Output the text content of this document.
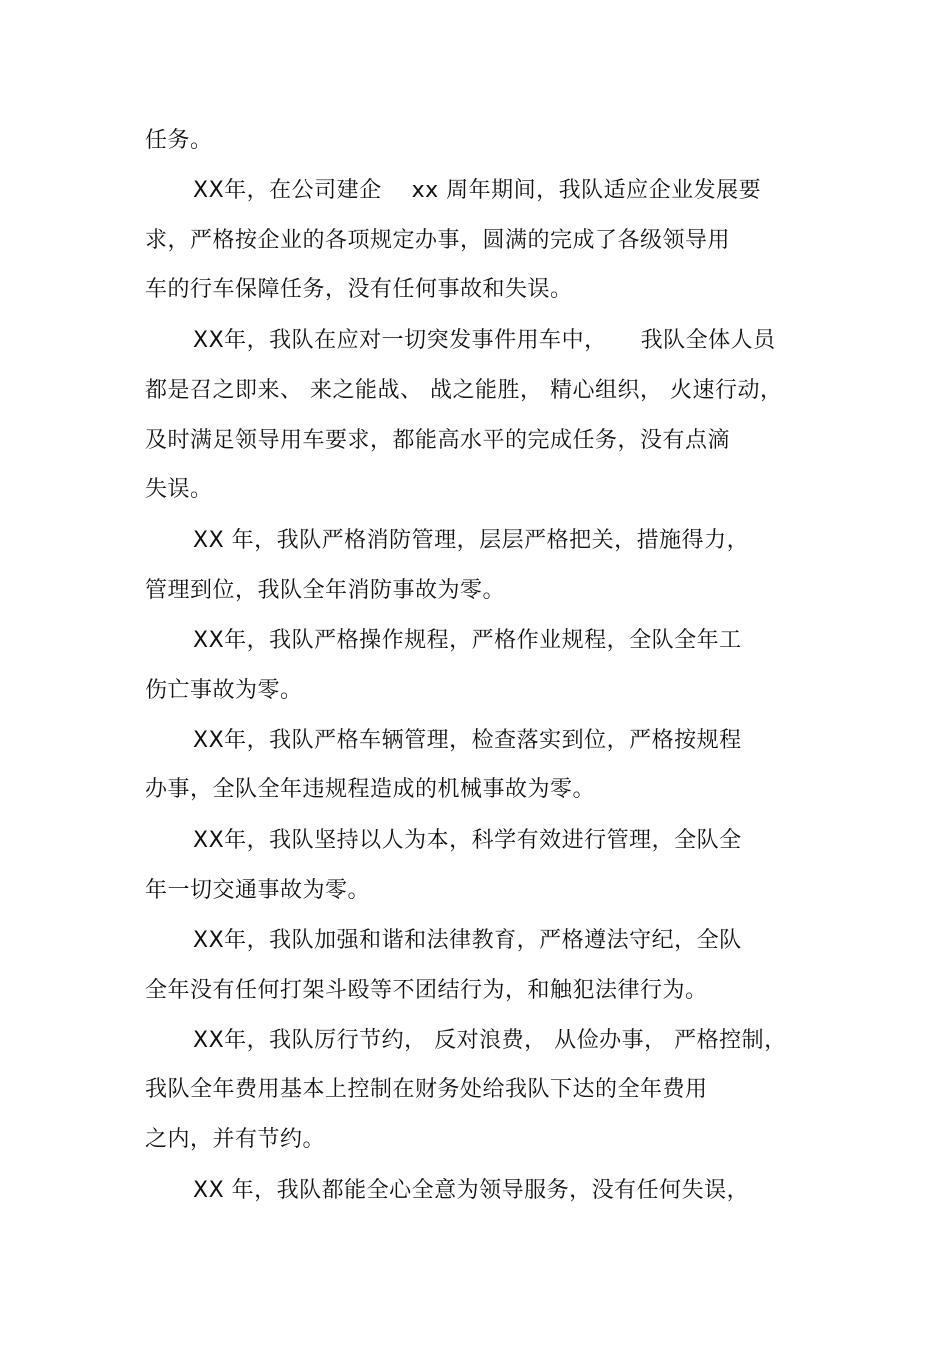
任务。
XX年，在公司建企　 xx 周年期间，我队适应企业发展要
求，严格按企业的各项规定办事，圆满的完成了各级领导用
车的行车保障任务，没有任何事故和失误。
XX年，我队在应对一切突发事件用车中，　　我队全体人员
都是召之即来、 来之能战、 战之能胜， 精心组织， 火速行动，
及时满足领导用车要求，都能高水平的完成任务，没有点滴
失误。
XX 年，我队严格消防管理，层层严格把关，措施得力，
管理到位，我队全年消防事故为零。
XX年，我队严格操作规程，严格作业规程，全队全年工
伤亡事故为零。
XX年，我队严格车辆管理，检查落实到位，严格按规程
办事，全队全年违规程造成的机械事故为零。
XX年，我队坚持以人为本，科学有效进行管理，全队全
年一切交通事故为零。
XX年，我队加强和谐和法律教育，严格遵法守纪，全队
全年没有任何打架斗殴等不团结行为，和触犯法律行为。
XX年，我队厉行节约， 反对浪费， 从俭办事， 严格控制，
我队全年费用基本上控制在财务处给我队下达的全年费用
之内，并有节约。
XX 年，我队都能全心全意为领导服务，没有任何失误，
